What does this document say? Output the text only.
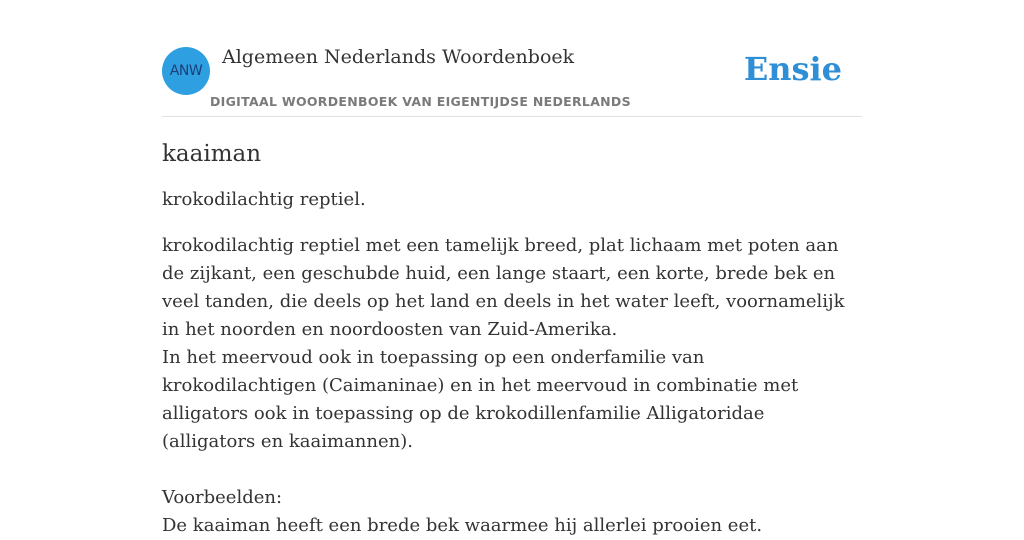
ANW
Algemeen Nederlands Woordenboek
DIGITAAL WOORDENBOEK VAN EIGENTIJDSE NEDERLANDS
Ensie
kaaiman

krokodilachtig reptiel.

krokodilachtig reptiel met een tamelijk breed, plat lichaam met poten aan de zijkant, een geschubde huid, een lange staart, een korte, brede bek en veel tanden, die deels op het land en deels in het water leeft, voornamelijk in het noorden en noordoosten van Zuid-Amerika.
In het meervoud ook in toepassing op een onderfamilie van krokodilachtigen (Caimaninae) en in het meervoud in combinatie met alligators ook in toepassing op de krokodillenfamilie Alligatoridae (alligators en kaaimannen).

Voorbeelden:

De kaaiman heeft een brede bek waarmee hij allerlei prooien eet.
